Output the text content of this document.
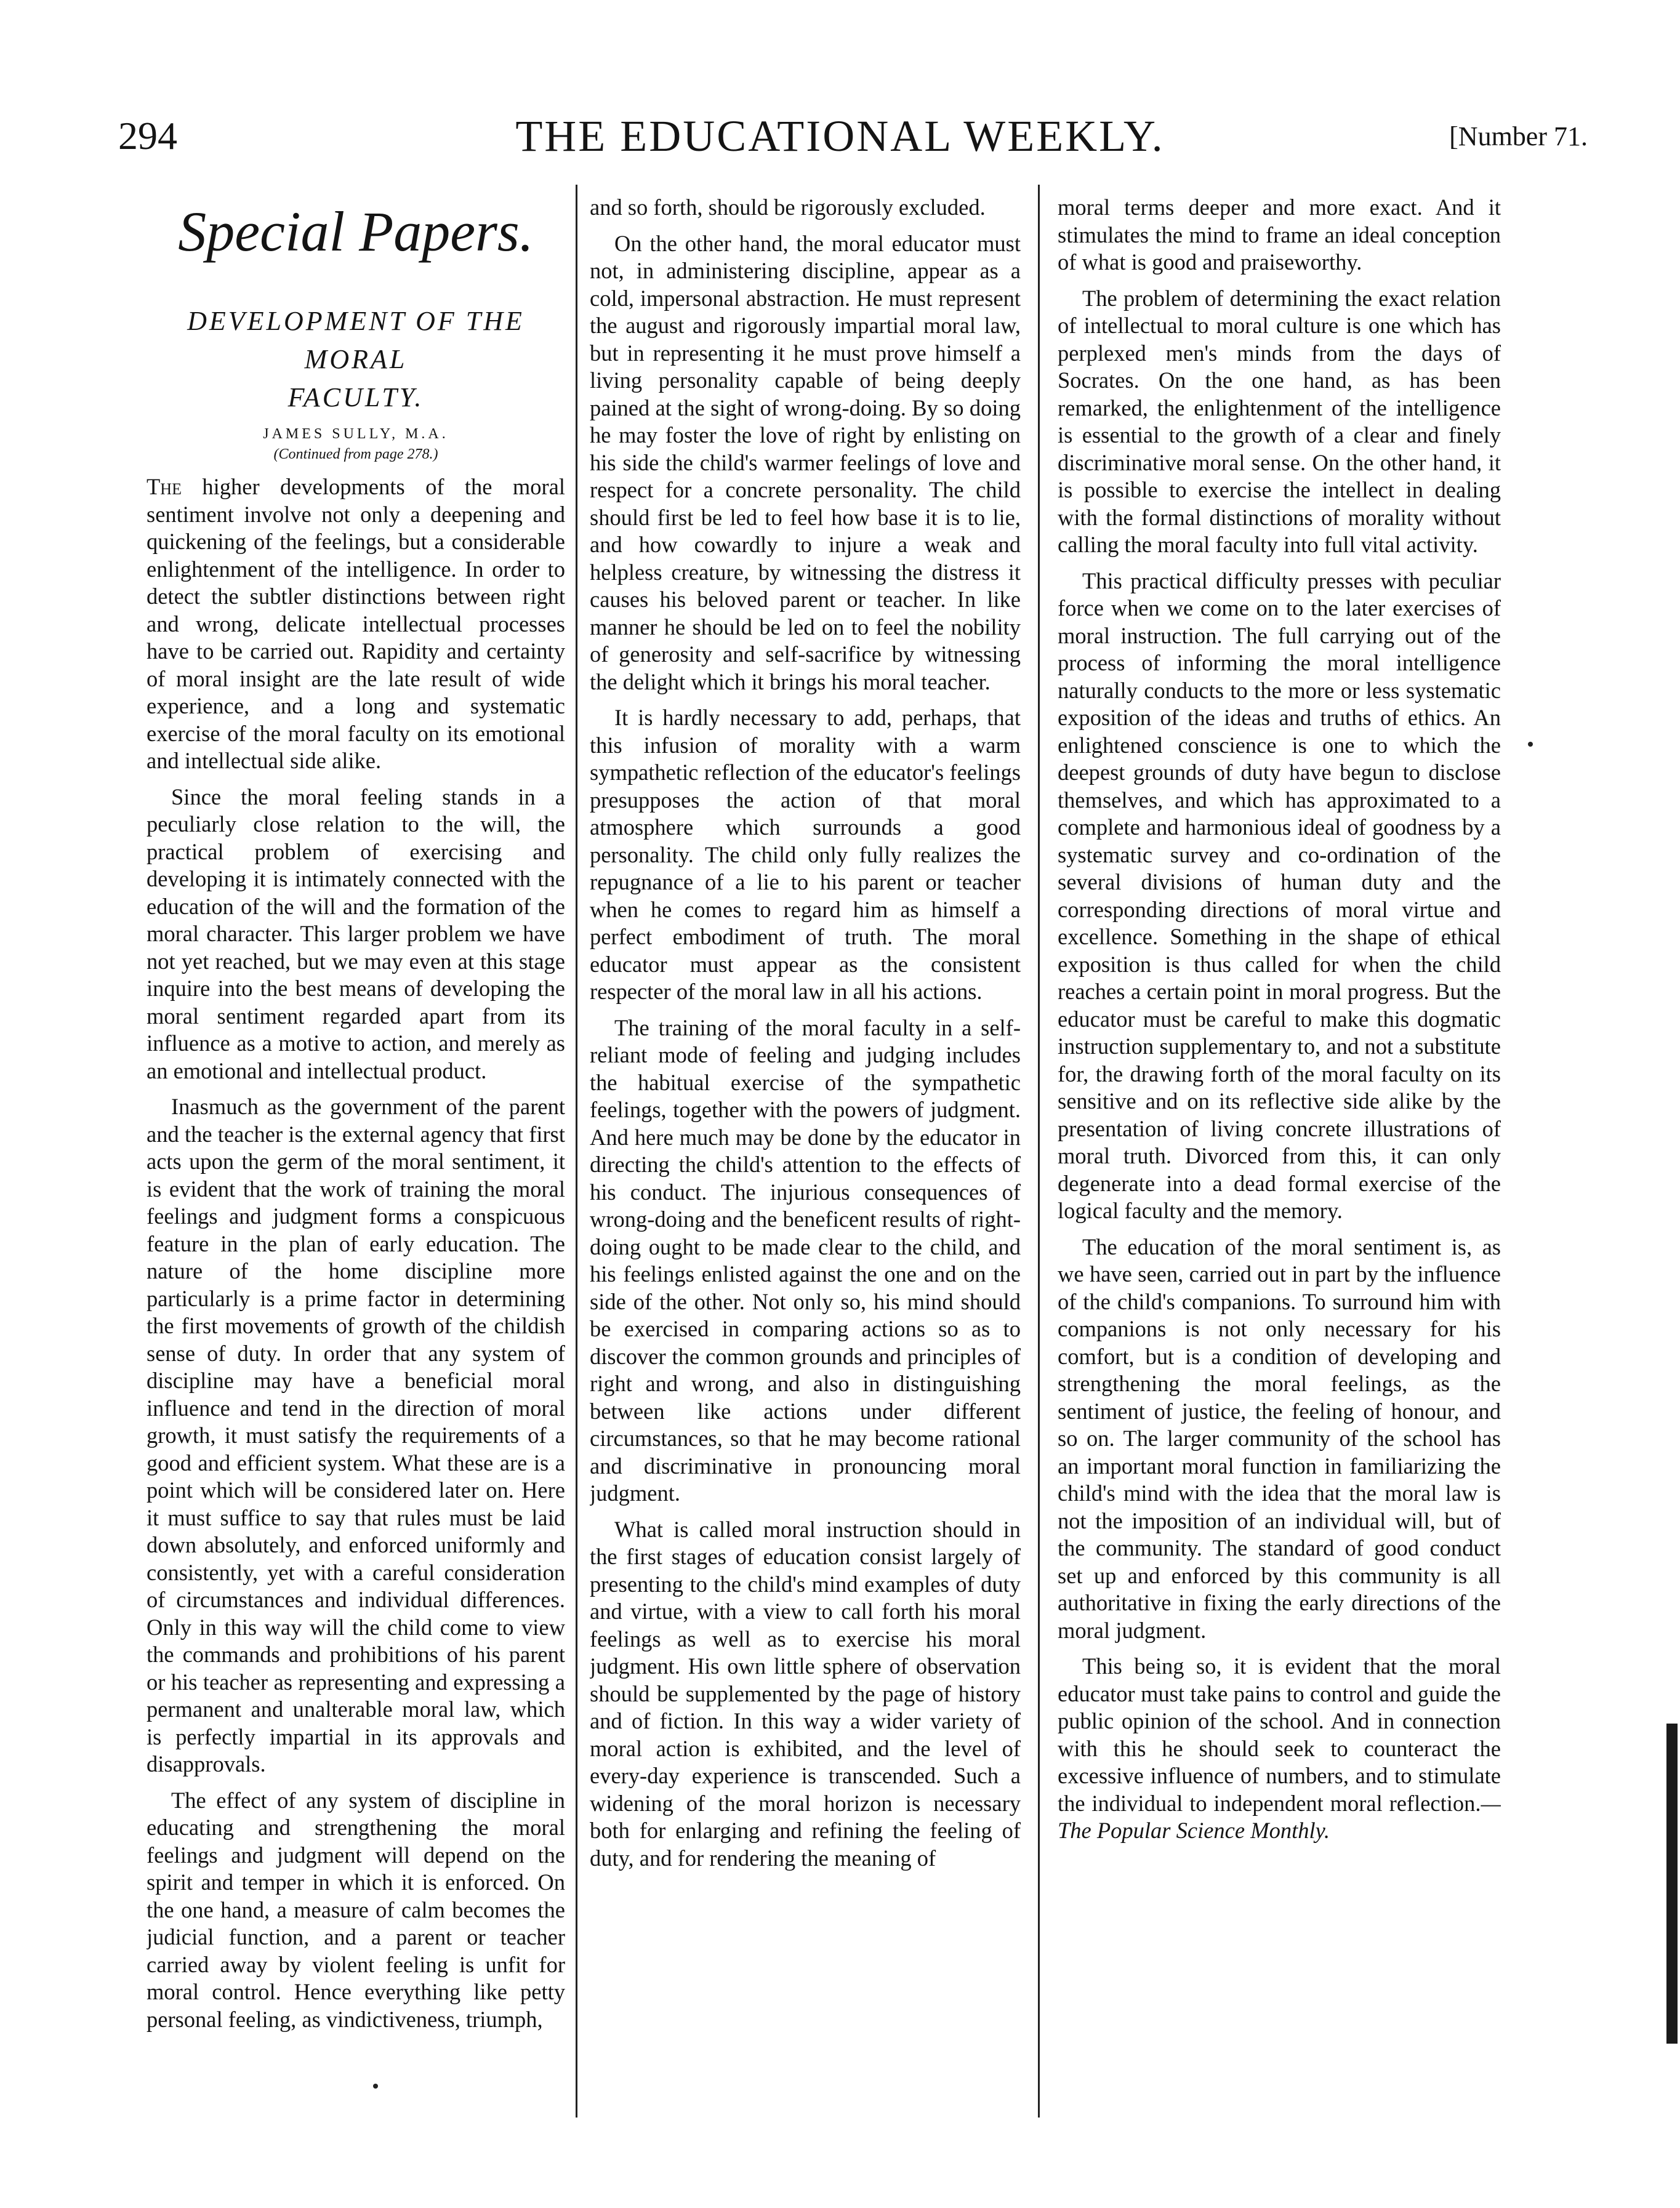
294	THE EDUCATIONAL WEEKLY.	[Number 71.
Special Papers.
DEVELOPMENT OF THE MORAL
FACULTY.
JAMES SULLY, M.A.
(Continued from page 278.)

The higher developments of the moral sentiment involve not only a deepening and quickening of the feelings, but a considerable enlightenment of the intelligence. In order to detect the subtler distinctions between right and wrong, delicate intellectual processes have to be carried out. Rapidity and certainty of moral insight are the late result of wide experience, and a long and systematic exercise of the moral faculty on its emotional and intellectual side alike.

Since the moral feeling stands in a peculiarly close relation to the will, the practical problem of exercising and developing it is intimately connected with the education of the will and the formation of the moral character. This larger problem we have not yet reached, but we may even at this stage inquire into the best means of developing the moral sentiment regarded apart from its influence as a motive to action, and merely as an emotional and intellectual product.

Inasmuch as the government of the parent and the teacher is the external agency that first acts upon the germ of the moral sentiment, it is evident that the work of training the moral feelings and judgment forms a conspicuous feature in the plan of early education. The nature of the home discipline more particularly is a prime factor in determining the first movements of growth of the childish sense of duty. In order that any system of discipline may have a beneficial moral influence and tend in the direction of moral growth, it must satisfy the requirements of a good and efficient system. What these are is a point which will be considered later on. Here it must suffice to say that rules must be laid down absolutely, and enforced uniformly and consistently, yet with a careful consideration of circumstances and individual differences. Only in this way will the child come to view the commands and prohibitions of his parent or his teacher as representing and expressing a permanent and unalterable moral law, which is perfectly impartial in its approvals and disapprovals.

The effect of any system of discipline in educating and strengthening the moral feelings and judgment will depend on the spirit and temper in which it is enforced. On the one hand, a measure of calm becomes the judicial function, and a parent or teacher carried away by violent feeling is unfit for moral control. Hence everything like petty personal feeling, as vindictiveness, triumph,

and so forth, should be rigorously excluded.

On the other hand, the moral educator must not, in administering discipline, appear as a cold, impersonal abstraction. He must represent the august and rigorously impartial moral law, but in representing it he must prove himself a living personality capable of being deeply pained at the sight of wrong-doing. By so doing he may foster the love of right by enlisting on his side the child's warmer feelings of love and respect for a concrete personality. The child should first be led to feel how base it is to lie, and how cowardly to injure a weak and helpless creature, by witnessing the distress it causes his beloved parent or teacher. In like manner he should be led on to feel the nobility of generosity and self-sacrifice by witnessing the delight which it brings his moral teacher.

It is hardly necessary to add, perhaps, that this infusion of morality with a warm sympathetic reflection of the educator's feelings presupposes the action of that moral atmosphere which surrounds a good personality. The child only fully realizes the repugnance of a lie to his parent or teacher when he comes to regard him as himself a perfect embodiment of truth. The moral educator must appear as the consistent respecter of the moral law in all his actions.

The training of the moral faculty in a self-reliant mode of feeling and judging includes the habitual exercise of the sympathetic feelings, together with the powers of judgment. And here much may be done by the educator in directing the child's attention to the effects of his conduct. The injurious consequences of wrong-doing and the beneficent results of right-doing ought to be made clear to the child, and his feelings enlisted against the one and on the side of the other. Not only so, his mind should be exercised in comparing actions so as to discover the common grounds and principles of right and wrong, and also in distinguishing between like actions under different circumstances, so that he may become rational and discriminative in pronouncing moral judgment.

What is called moral instruction should in the first stages of education consist largely of presenting to the child's mind examples of duty and virtue, with a view to call forth his moral feelings as well as to exercise his moral judgment. His own little sphere of observation should be supplemented by the page of history and of fiction. In this way a wider variety of moral action is exhibited, and the level of every-day experience is transcended. Such a widening of the moral horizon is necessary both for enlarging and refining the feeling of duty, and for rendering the meaning of

moral terms deeper and more exact. And it stimulates the mind to frame an ideal conception of what is good and praiseworthy.

The problem of determining the exact relation of intellectual to moral culture is one which has perplexed men's minds from the days of Socrates. On the one hand, as has been remarked, the enlightenment of the intelligence is essential to the growth of a clear and finely discriminative moral sense. On the other hand, it is possible to exercise the intellect in dealing with the formal distinctions of morality without calling the moral faculty into full vital activity.

This practical difficulty presses with peculiar force when we come on to the later exercises of moral instruction. The full carrying out of the process of informing the moral intelligence naturally conducts to the more or less systematic exposition of the ideas and truths of ethics. An enlightened conscience is one to which the deepest grounds of duty have begun to disclose themselves, and which has approximated to a complete and harmonious ideal of goodness by a systematic survey and co-ordination of the several divisions of human duty and the corresponding directions of moral virtue and excellence. Something in the shape of ethical exposition is thus called for when the child reaches a certain point in moral progress. But the educator must be careful to make this dogmatic instruction supplementary to, and not a substitute for, the drawing forth of the moral faculty on its sensitive and on its reflective side alike by the presentation of living concrete illustrations of moral truth. Divorced from this, it can only degenerate into a dead formal exercise of the logical faculty and the memory.

The education of the moral sentiment is, as we have seen, carried out in part by the influence of the child's companions. To surround him with companions is not only necessary for his comfort, but is a condition of developing and strengthening the moral feelings, as the sentiment of justice, the feeling of honour, and so on. The larger community of the school has an important moral function in familiarizing the child's mind with the idea that the moral law is not the imposition of an individual will, but of the community. The standard of good conduct set up and enforced by this community is all authoritative in fixing the early directions of the moral judgment.

This being so, it is evident that the moral educator must take pains to control and guide the public opinion of the school. And in connection with this he should seek to counteract the excessive influence of numbers, and to stimulate the individual to independent moral reflection.—The Popular Science Monthly.
